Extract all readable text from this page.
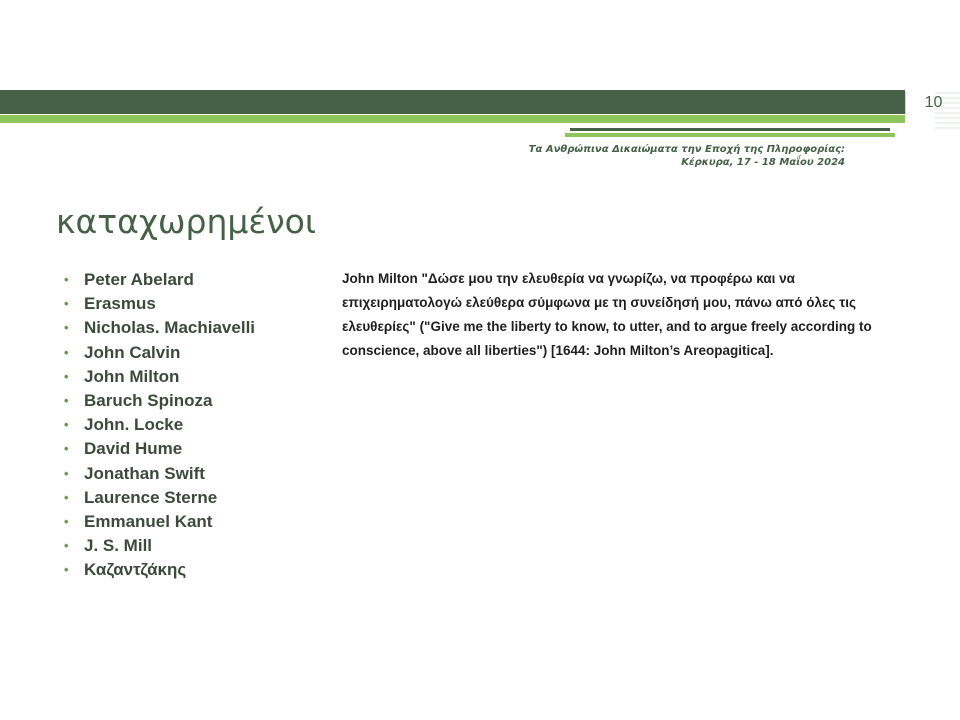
10
Τα Ανθρώπινα Δικαιώματα την Εποχή της Πληροφορίας:
Κέρκυρα, 17 - 18 Μαΐου 2024
καταχωρημένοι
• Peter Abelard
• Erasmus
• Nicholas. Machiavelli
• John Calvin
• John Milton
• Baruch Spinoza
• John. Locke
• David Hume
• Jonathan Swift
• Laurence Sterne
• Emmanuel Kant
• J. S. Mill
• Καζαντζάκης
John Milton "Δώσε μου την ελευθερία να γνωρίζω, να προφέρω και να επιχειρηματολογώ ελεύθερα σύμφωνα με τη συνείδησή μου, πάνω από όλες τις ελευθερίες" ("Give me the liberty to know, to utter, and to argue freely according to conscience, above all liberties") [1644: John Milton’s Areopagitica].
